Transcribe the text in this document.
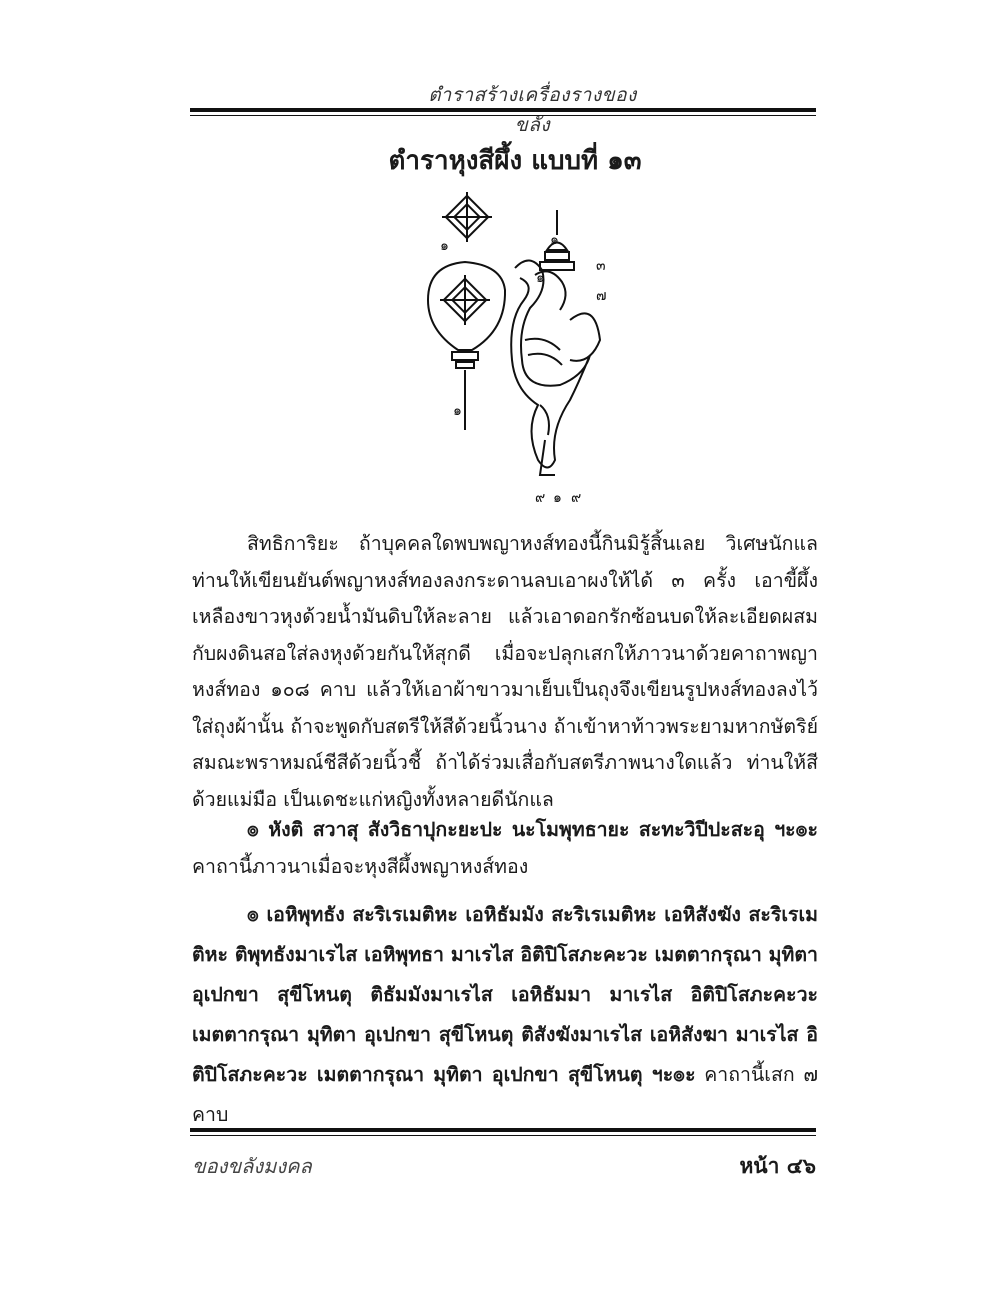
ตำราสร้างเครื่องรางของขลัง
ตำราหุงสีผึ้ง แบบที่ ๑๓
๑	๑
๑
๓
๗
๑
๙ ๑ ๙
สิทธิการิยะ ถ้าบุคคลใดพบพญาหงส์ทองนี้กินมิรู้สิ้นเลย วิเศษนักแล ท่านให้เขียนยันต์พญาหงส์ทองลงกระดานลบเอาผงให้ได้ ๓ ครั้ง เอาขี้ผึ้งเหลืองขาวหุงด้วยน้ำมันดิบให้ละลาย แล้วเอาดอกรักซ้อนบดให้ละเอียดผสมกับผงดินสอใส่ลงหุงด้วยกันให้สุกดี เมื่อจะปลุกเสกให้ภาวนาด้วยคาถาพญาหงส์ทอง ๑๐๘ คาบ แล้วให้เอาผ้าขาวมาเย็บเป็นถุงจึงเขียนรูปหงส์ทองลงไว้ใส่ถุงผ้านั้น ถ้าจะพูดกับสตรีให้สีด้วยนิ้วนาง ถ้าเข้าหาท้าวพระยามหากษัตริย์ สมณะพราหมณ์ชีสีด้วยนิ้วชี้ ถ้าได้ร่วมเสื่อกับสตรีภาพนางใดแล้ว ท่านให้สีด้วยแม่มือ เป็นเดชะแก่หญิงทั้งหลายดีนักแล
๏ หังติ สวาสุ สังวิธาปุกะยะปะ นะโมพุทธายะ สะทะวิปีปะสะอุ ฯะ๏ะ คาถานี้ภาวนาเมื่อจะหุงสีผึ้งพญาหงส์ทอง
๏ เอหิพุทธัง สะริเรเมติหะ เอหิธัมมัง สะริเรเมติหะ เอหิสังฆัง สะริเรเมติหะ ติพุทธังมาเรไส เอหิพุทธา มาเรไส อิติปิโสภะคะวะ เมตตากรุณา มุทิตา อุเปกขา สุขีโหนตุ ติธัมมังมาเรไส เอหิธัมมา มาเรไส อิติปิโสภะคะวะ เมตตากรุณา มุทิตา อุเปกขา สุขีโหนตุ ติสังฆังมาเรไส เอหิสังฆา มาเรไส อิติปิโสภะคะวะ เมตตากรุณา มุทิตา อุเปกขา สุขีโหนตุ ฯะ๏ะ คาถานี้เสก ๗ คาบ
ของขลังมงคล	หน้า ๔๖
